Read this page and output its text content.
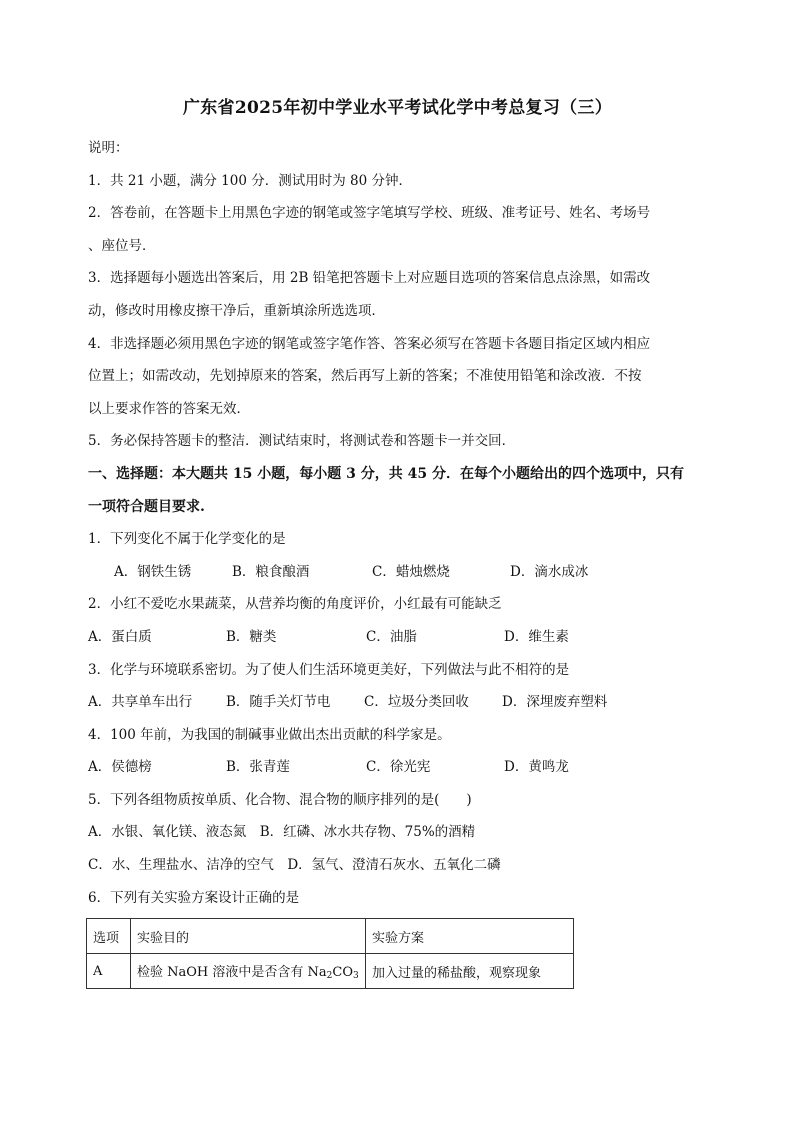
广东省2025年初中学业水平考试化学中考总复习（三）
说明：
1．共 21 小题，满分 100 分．测试用时为 80 分钟．
2．答卷前，在答题卡上用黑色字迹的钢笔或签字笔填写学校、班级、准考证号、姓名、考场号
、座位号．
3．选择题每小题选出答案后，用 2B 铅笔把答题卡上对应题目选项的答案信息点涂黑，如需改
动，修改时用橡皮擦干净后，重新填涂所选选项．
4．非选择题必须用黑色字迹的钢笔或签字笔作答、答案必须写在答题卡各题目指定区域内相应
位置上；如需改动，先划掉原来的答案，然后再写上新的答案；不准使用铅笔和涂改液．不按
以上要求作答的答案无效．
5．务必保持答题卡的整洁．测试结束时，将测试卷和答题卡一并交回．
一、选择题：本大题共 15 小题，每小题 3 分，共 45 分．在每个小题给出的四个选项中，只有
一项符合题目要求.
1．下列变化不属于化学变化的是
A．钢铁生锈	B．粮食酿酒	C．蜡烛燃烧	D．滴水成冰
2．小红不爱吃水果蔬菜，从营养均衡的角度评价，小红最有可能缺乏
A．蛋白质	B．糖类	C．油脂	D．维生素
3．化学与环境联系密切。为了使人们生活环境更美好，下列做法与此不相符的是
A．共享单车出行	B．随手关灯节电	C．垃圾分类回收	D．深埋废弃塑料
4．100 年前，为我国的制碱事业做出杰出贡献的科学家是。
A．侯德榜	B．张青莲	C．徐光宪	D．黄鸣龙
5．下列各组物质按单质、化合物、混合物的顺序排列的是(　　)
A．水银、氧化镁、液态氮　B．红磷、冰水共存物、75%的酒精
C．水、生理盐水、洁净的空气　D．氢气、澄清石灰水、五氧化二磷
6．下列有关实验方案设计正确的是
选项	实验目的	实验方案
A	检验 NaOH 溶液中是否含有 $Na_2CO_3$	加入过量的稀盐酸，观察现象
